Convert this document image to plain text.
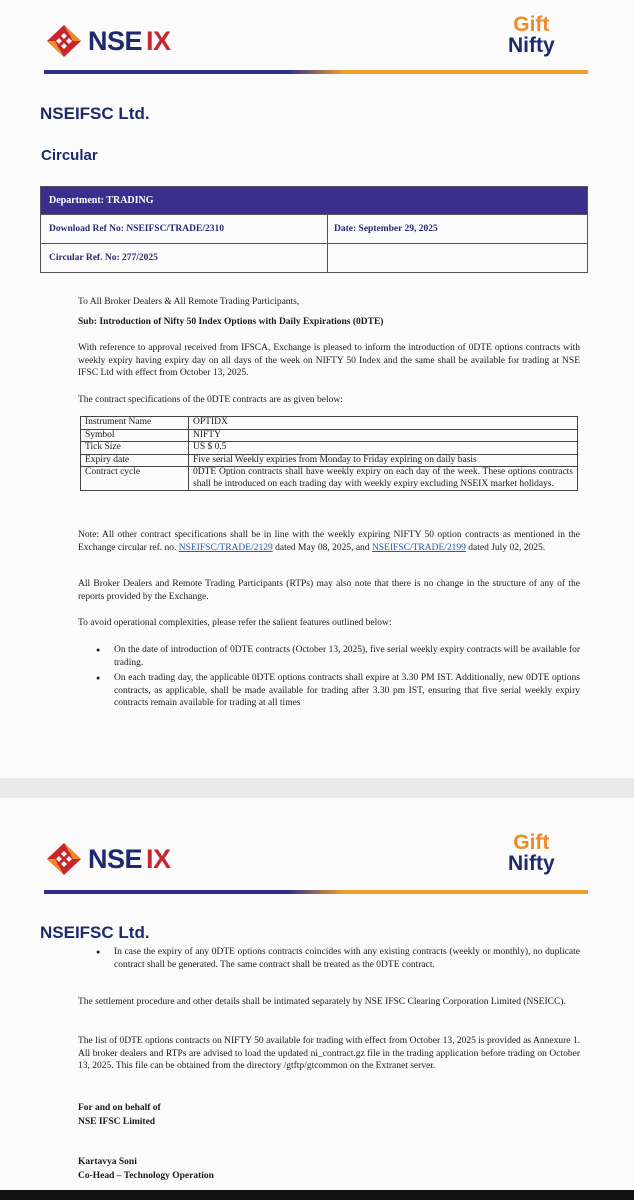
NSE IX
Gift
Nifty
NSEIFSC Ltd.
Circular
Department: TRADING
Download Ref No: NSEIFSC/TRADE/2310	Date: September 29, 2025
Circular Ref. No: 277/2025
To All Broker Dealers & All Remote Trading Participants,
Sub: Introduction of Nifty 50 Index Options with Daily Expirations (0DTE)
With reference to approval received from IFSCA, Exchange is pleased to inform the introduction of 0DTE options contracts with weekly expiry having expiry day on all days of the week on NIFTY 50 Index and the same shall be available for trading at NSE IFSC Ltd with effect from October 13, 2025.
The contract specifications of the 0DTE contracts are as given below:
Instrument Name	OPTIDX
Symbol	NIFTY
Tick Size	US $ 0.5
Expiry date	Five serial Weekly expiries from Monday to Friday expiring on daily basis
Contract cycle	0DTE Option contracts shall have weekly expiry on each day of the week. These options contracts shall be introduced on each trading day with weekly expiry excluding NSEIX market holidays.
Note: All other contract specifications shall be in line with the weekly expiring NIFTY 50 option contracts as mentioned in the Exchange circular ref. no. NSEIFSC/TRADE/2129 dated May 08, 2025, and NSEIFSC/TRADE/2199 dated July 02, 2025.
All Broker Dealers and Remote Trading Participants (RTPs) may also note that there is no change in the structure of any of the reports provided by the Exchange.
To avoid operational complexities, please refer the salient features outlined below:
● On the date of introduction of 0DTE contracts (October 13, 2025), five serial weekly expiry contracts will be available for trading.
● On each trading day, the applicable 0DTE options contracts shall expire at 3.30 PM IST. Additionally, new 0DTE options contracts, as applicable, shall be made available for trading after 3.30 pm IST, ensuring that five serial weekly expiry contracts remain available for trading at all times
NSE IX
Gift
Nifty
NSEIFSC Ltd.
● In case the expiry of any 0DTE options contracts coincides with any existing contracts (weekly or monthly), no duplicate contract shall be generated. The same contract shall be treated as the 0DTE contract.
The settlement procedure and other details shall be intimated separately by NSE IFSC Clearing Corporation Limited (NSEICC).
The list of 0DTE options contracts on NIFTY 50 available for trading with effect from October 13, 2025 is provided as Annexure 1. All broker dealers and RTPs are advised to load the updated ni_contract.gz file in the trading application before trading on October 13, 2025. This file can be obtained from the directory /gtftp/gtcommon on the Extranet server.
For and on behalf of
NSE IFSC Limited
Kartavya Soni
Co-Head – Technology Operation
